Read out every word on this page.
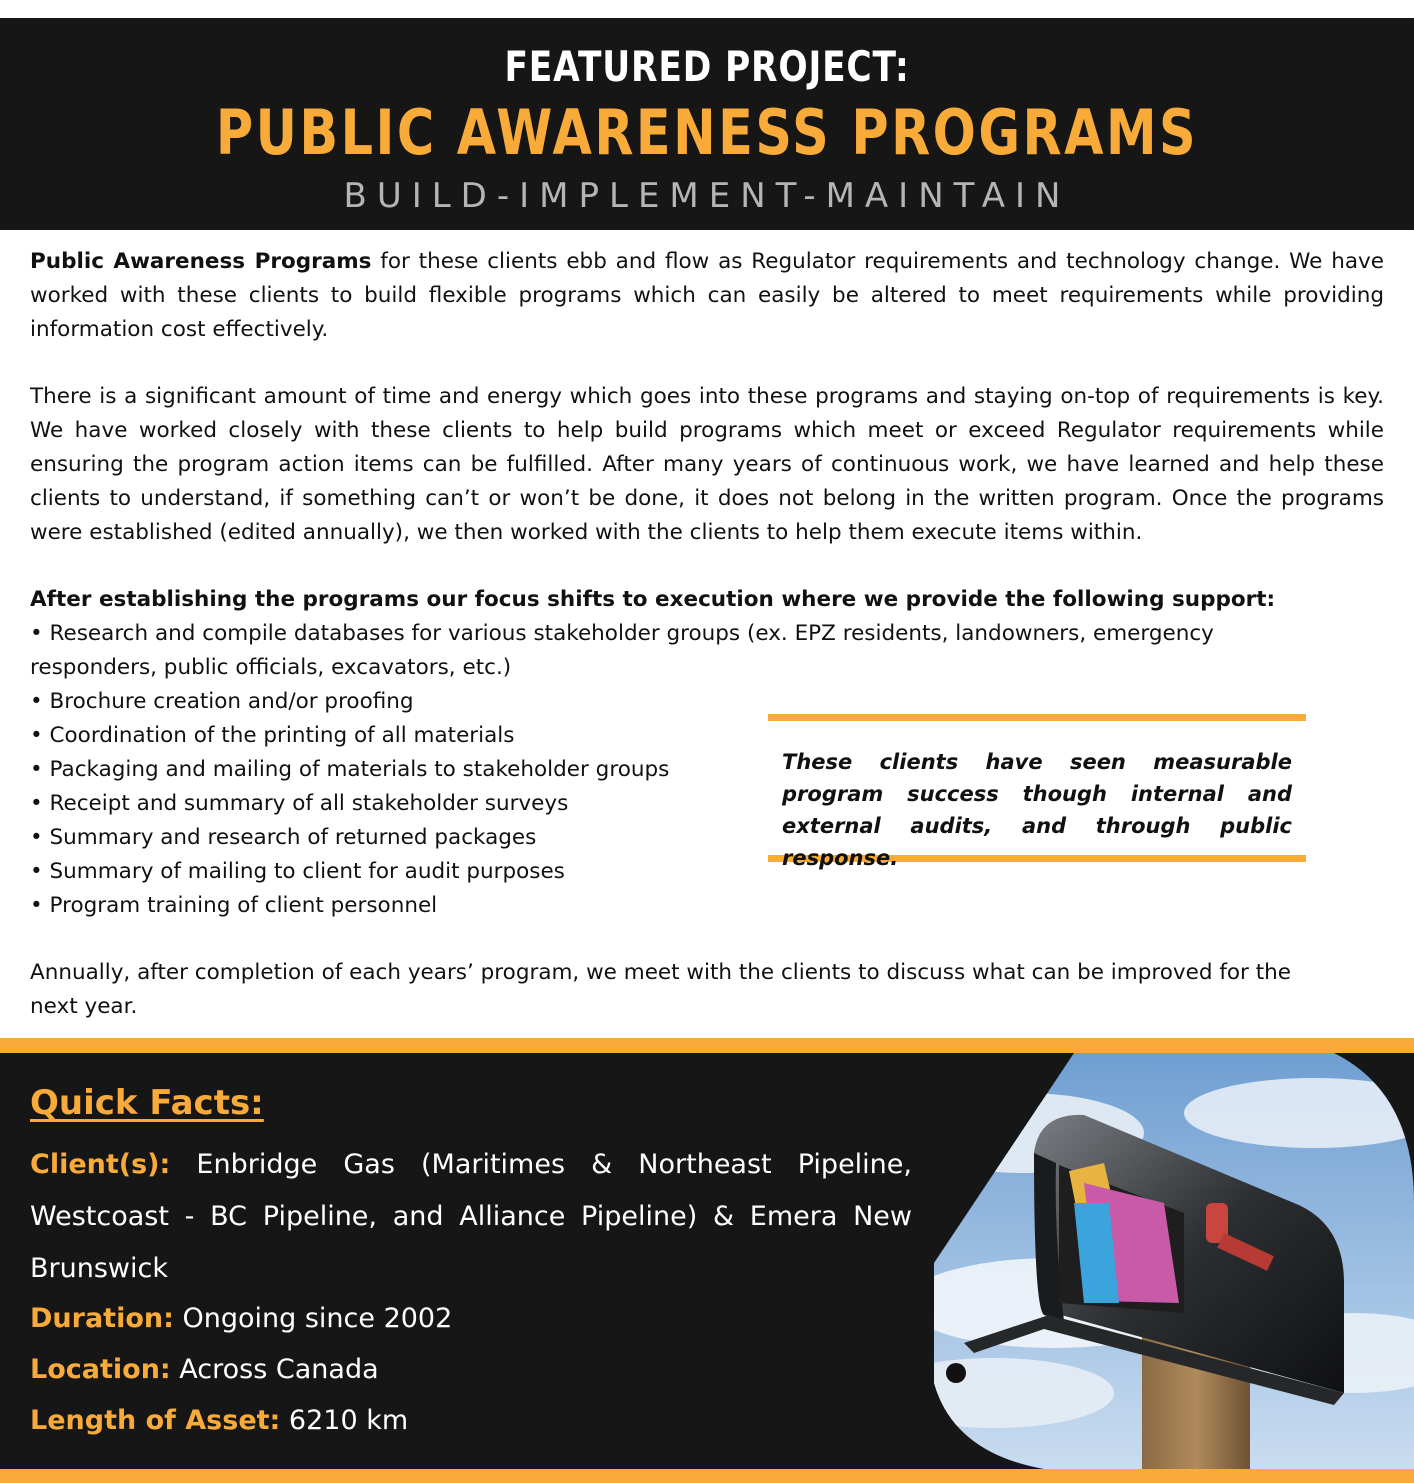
FEATURED PROJECT:
PUBLIC AWARENESS PROGRAMS
BUILD-IMPLEMENT-MAINTAIN
Public Awareness Programs for these clients ebb and flow as Regulator requirements and technology change. We have worked with these clients to build flexible programs which can easily be altered to meet requirements while providing information cost effectively.
There is a significant amount of time and energy which goes into these programs and staying on-top of requirements is key. We have worked closely with these clients to help build programs which meet or exceed Regulator requirements while ensuring the program action items can be fulfilled. After many years of continuous work, we have learned and help these clients to understand, if something can’t or won’t be done, it does not belong in the written program. Once the programs were established (edited annually), we then worked with the clients to help them execute items within.
After establishing the programs our focus shifts to execution where we provide the following support:
• Research and compile databases for various stakeholder groups (ex. EPZ residents, landowners, emergency responders, public officials, excavators, etc.)
• Brochure creation and/or proofing
• Coordination of the printing of all materials
• Packaging and mailing of materials to stakeholder groups
• Receipt and summary of all stakeholder surveys
• Summary and research of returned packages
• Summary of mailing to client for audit purposes
• Program training of client personnel
These clients have seen measurable program success though internal and external audits, and through public response.
Annually, after completion of each years’ program, we meet with the clients to discuss what can be improved for the next year.
Quick Facts:
Client(s): Enbridge Gas (Maritimes & Northeast Pipeline, Westcoast - BC Pipeline, and Alliance Pipeline) & Emera New Brunswick
Duration: Ongoing since 2002
Location: Across Canada
Length of Asset: 6210 km
